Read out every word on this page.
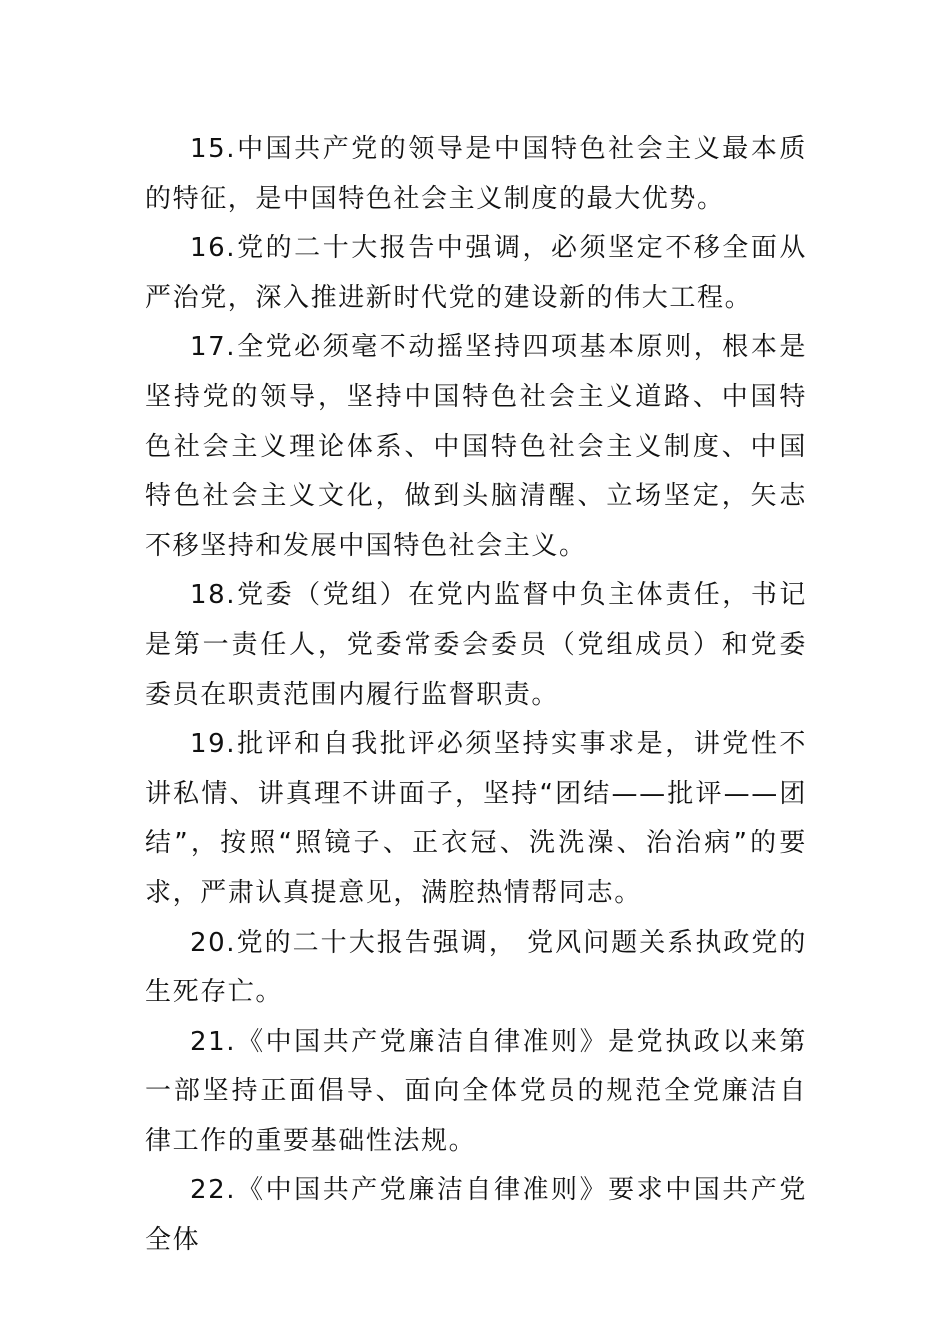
15.中国共产党的领导是中国特色社会主义最本质的特征，是中国特色社会主义制度的最大优势。

16.党的二十大报告中强调，必须坚定不移全面从严治党，深入推进新时代党的建设新的伟大工程。

17.全党必须毫不动摇坚持四项基本原则，根本是坚持党的领导，坚持中国特色社会主义道路、中国特色社会主义理论体系、中国特色社会主义制度、中国特色社会主义文化，做到头脑清醒、立场坚定，矢志不移坚持和发展中国特色社会主义。

18.党委（党组）在党内监督中负主体责任，书记是第一责任人，党委常委会委员（党组成员）和党委委员在职责范围内履行监督职责。

19.批评和自我批评必须坚持实事求是，讲党性不讲私情、讲真理不讲面子，坚持“团结——批评——团结”，按照“照镜子、正衣冠、洗洗澡、治治病”的要求，严肃认真提意见，满腔热情帮同志。

20.党的二十大报告强调， 党风问题关系执政党的生死存亡。

21.《中国共产党廉洁自律准则》是党执政以来第一部坚持正面倡导、面向全体党员的规范全党廉洁自律工作的重要基础性法规。

22.《中国共产党廉洁自律准则》要求中国共产党全体
